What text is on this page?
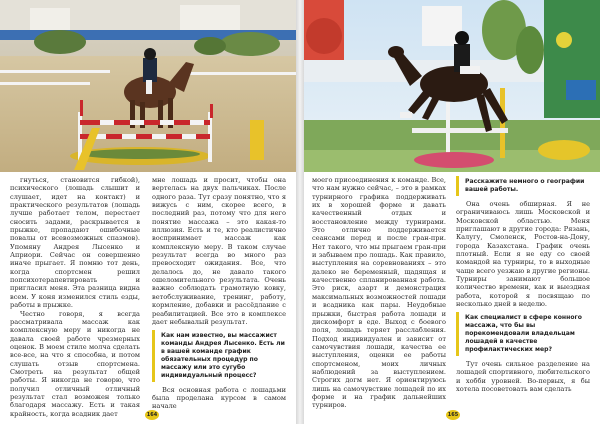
гнуться, становится гибкой), психического (лошадь слышит и слушает, идет на контакт) и практического результатов (лошадь лучше работает телом, перестает сносить задами, раскрывается в прыжке, пропадают ошибочные повалы от всевозможных спазмов). Упомяну Андрея Лысенко и Априори. Сейчас он совершенно иначе прыгает. Я помню тот день, когда спортсмен решил попсихотерапевтировать и пригласил меня. Эта разница видна всем. У коня изменился стиль езды, работы в прыжке.

Честно говоря, я всегда рассматривала массаж как комплексную меру и никогда не давала своей работе чрезмерных оценок. В моем стиле молча сделать все-все, на что я способна, и потом слушать отзыв спортсмена. Смотреть на результат общей работы. Я никогда не говорю, что получил отличный отличный результат стал возможен только благодаря массажу. Есть и такая крайность, когда всадник дает

мне лошадь и просит, чтобы она вертелась на двух пальчиках. После одного раза. Тут сразу понятно, что я вижусь с ним, скорее всего, в последний раз, потому что для него понятие массажа – это какая-то иллюзия. Есть и те, кто реалистично воспринимает массаж как комплексную меру. В таком случае результат всегда во много раз превосходит ожидания. Все, что делалось до, не давало такого ошеломительного результата. Очень важно соблюдать грамотную ковку, ветобслуживание, тренинг, работу, кормление, добавки и рассёдлание с реабилитацией. Все это в комплексе дает небывалый результат.

Как нам известно, вы массажист команды Андрея Лысенко. Есть ли в вашей команде график обязательных процедур по массажу или это сугубо индивидуальный процесс?

Вся основная работа с лошадьми была проделана курсом в самом начале

164

моего присоединения к команде. Все, что нам нужно сейчас, – это в рамках турнирного графика поддерживать их в хорошей форме и давать качественный отдых и восстановление между турнирами. Это отлично поддерживается сеансами перед и после гран-при. Нет такого, что мы прыгаем гран-при и забываем про лошадь. Как правило, выступления на соревнованиях – это далеко не беременный, щадящая и качественно спланированная работа. Это риск, азарт и демонстрация максимальных возможностей лошади и всадника как пары. Неудобные прыжки, быстрая работа лошади и дискомфорт в еде. Выход с боевого поля, лошадь теряет расслабления. Подход индивидуален и зависит от самочувствия лошади, качества ее выступления, оценки ее работы спортсменом, моих личных наблюдений за выступлением. Строгих догм нет. Я ориентируюсь лишь на самочувствие лошадей по их форме и на график дальнейших турниров.

Расскажите немного о географии вашей работы.

Она очень обширная. Я не ограничиваюсь лишь Московской и Московской областью. Меня приглашают в другие города: Рязань, Калугу, Смоленск, Ростов-на-Дону, города Казахстана. График очень плотный. Если я не еду со своей командой на турниры, то в выходные чаще всего уезжаю в другие регионы. Турниры занимают большое количество времени, как и выездная работа, которой я посвящаю по несколько дней в неделю.

Как специалист в сфере конного массажа, что бы вы порекомендовали владельцам лошадей в качестве профилактических мер?

Тут очень сильное разделение на лошадей спортивного, любительского и хобби уровней. Во-первых, я бы хотела посоветовать вам сделать

165
